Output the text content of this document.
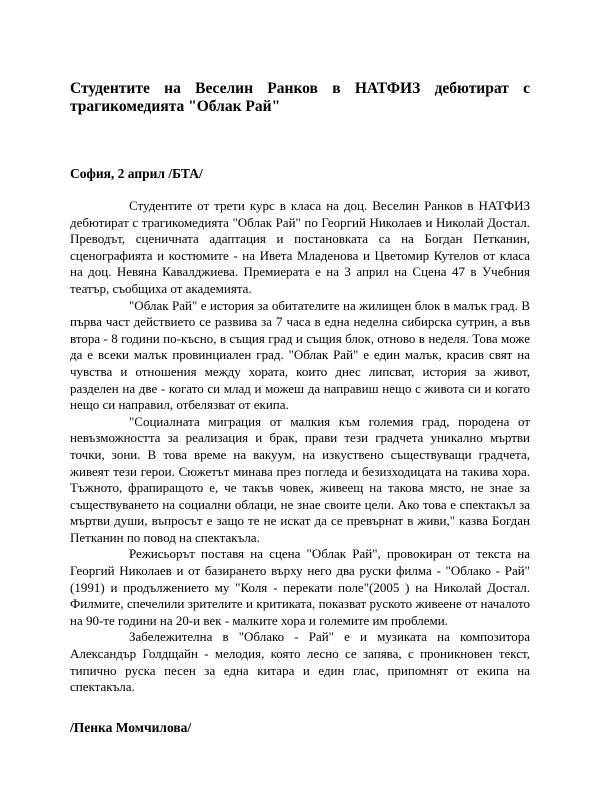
Студентите на Веселин Ранков в НАТФИЗ дебютират с трагикомедията "Облак Рай"
София, 2 април /БТА/

Студентите от трети курс в класа на доц. Веселин Ранков в НАТФИЗ дебютират с трагикомедията "Облак Рай" по Георгий Николаев и Николай Достал. Преводът, сценичната адаптация и постановката са на Богдан Петканин, сценографията и костюмите - на Ивета Младенова и Цветомир Кутелов от класа на доц. Невяна Кавалджиева. Премиерата е на 3 април на Сцена 47 в Учебния театър, съобщиха от академията.

"Облак Рай" е история за обитателите на жилищен блок в малък град. В първа част действието се развива за 7 часа в една неделна сибирска сутрин, а във втора - 8 години по-късно, в същия град и същия блок, отново в неделя. Това може да е всеки малък провинциален град. "Облак Рай" е един малък, красив свят на чувства и отношения между хората, които днес липсват, история за живот, разделен на две - когато си млад и можеш да направиш нещо с живота си и когато нещо си направил, отбелязват от екипа.

"Социалната миграция от малкия към големия град, породена от невъзможността за реализация и брак, прави тези градчета уникално мъртви точки, зони. В това време на вакуум, на изкуствено съществуващи градчета, живеят тези герои. Сюжетът минава през погледа и безизходицата на такива хора. Тъжното, фрапиращото е, че такъв човек, живеещ на такова място, не знае за съществуването на социални облаци, не знае своите цели. Ако това е спектакъл за мъртви души, въпросът е защо те не искат да се превърнат в живи," казва Богдан Петканин по повод на спектакъла.

Режисьорът поставя на сцена "Облак Рай", провокиран от текста на Георгий Николаев и от базирането върху него два руски филма - "Облако - Рай" (1991) и продължението му "Коля - перекати поле"(2005 ) на Николай Достал. Филмите, спечелили зрителите и критиката, показват руското живеене от началото на 90-те години на 20-и век - малките хора и големите им проблеми.

Забележителна в "Облако - Рай" е и музиката на композитора Александър Голдщайн - мелодия, която лесно се запява, с проникновен текст, типично руска песен за една китара и един глас, припомнят от екипа на спектакъла.

/Пенка Момчилова/
